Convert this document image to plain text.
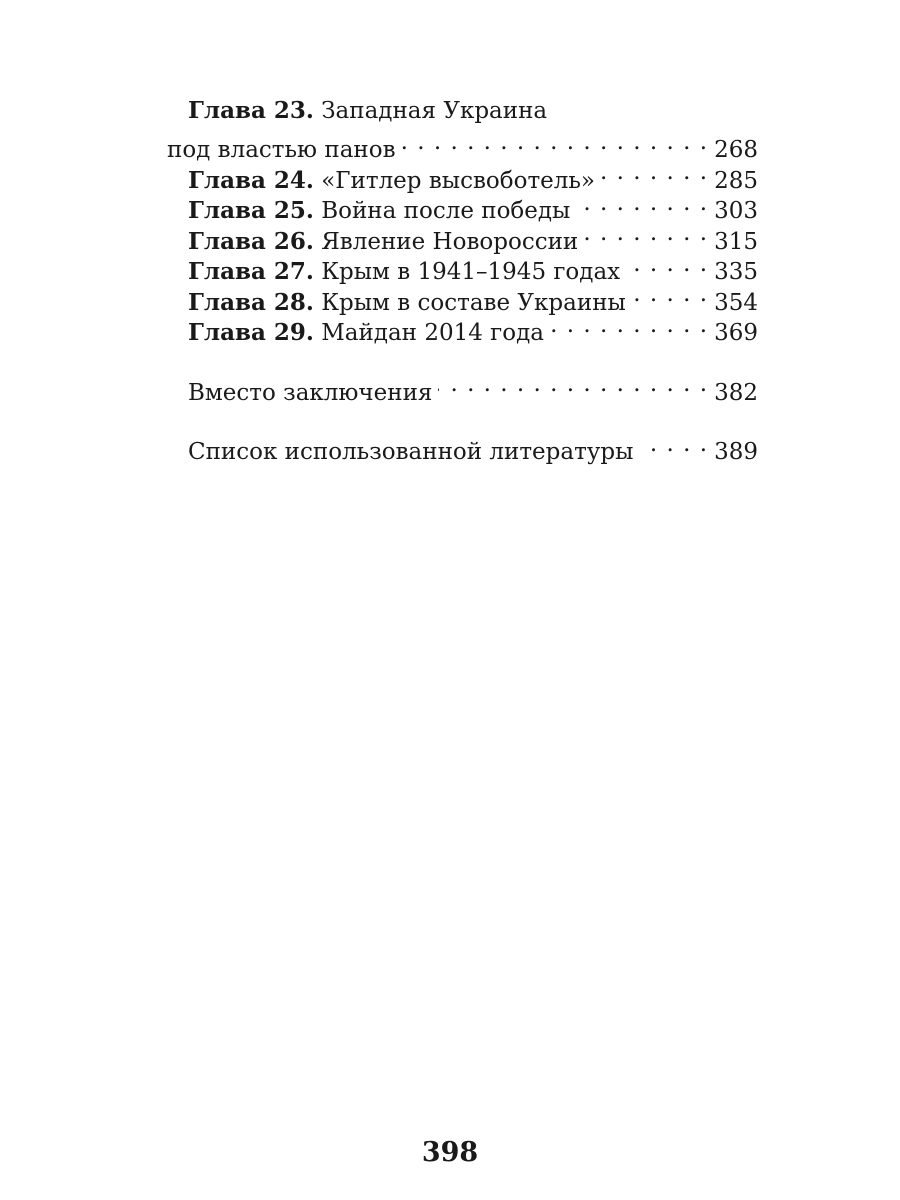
Глава 23. Западная Украина
под властью панов . . .	268
Глава 24. «Гитлер высвоботель» . . .	285
Глава 25. Война после победы . . .	303
Глава 26. Явление Новороссии . . .	315
Глава 27. Крым в 1941–1945 годах . . .	335
Глава 28. Крым в составе Украины . . .	354
Глава 29. Майдан 2014 года . . .	369
Вместо заключения . . .	382
Список использованной литературы . . .	389
398
